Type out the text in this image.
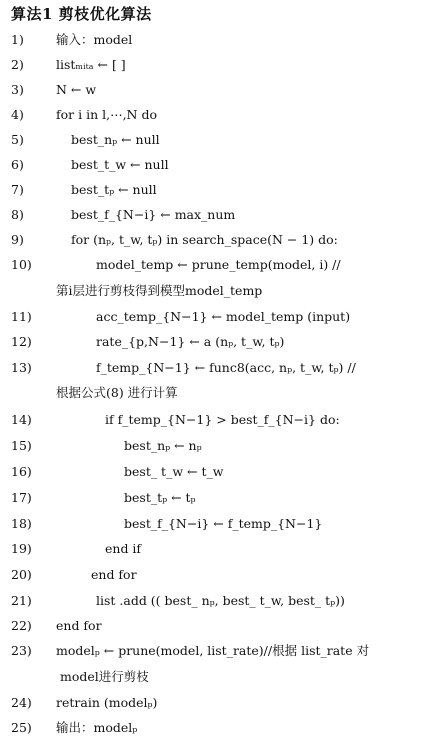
算法1 剪枝优化算法
1)	输入：model
2)	listₘᵢₜₐ ← [ ]
3)	N ← w
4)	for i in l,⋯,N do
5)	best_nₚ ← null
6)	best_t_w ← null
7)	best_tₚ ← null
8)	best_f_{N−i} ← max_num
9)	for (nₚ, t_w, tₚ) in search_space(N − 1) do:
10)	model_temp ← prune_temp(model, i) //
第i层进行剪枝得到模型model_temp
11)	acc_temp_{N−1} ← model_temp (input)
12)	rate_{p,N−1} ← a (nₚ, t_w, tₚ)
13)	f_temp_{N−1} ← func8(acc, nₚ, t_w, tₚ) //
根据公式(8) 进行计算
14)	if f_temp_{N−1} > best_f_{N−i} do:
15)	best_nₚ ← nₚ
16)	best_ t_w ← t_w
17)	best_tₚ ← tₚ
18)	best_f_{N−i} ← f_temp_{N−1}
19)	end if
20)	end for
21)	list .add (( best_ nₚ, best_ t_w, best_ tₚ))
22)	end for
23)	modelₚ ← prune(model, list_rate)//根据 list_rate 对
model进行剪枝
24)	retrain (modelₚ)
25)	输出：modelₚ
